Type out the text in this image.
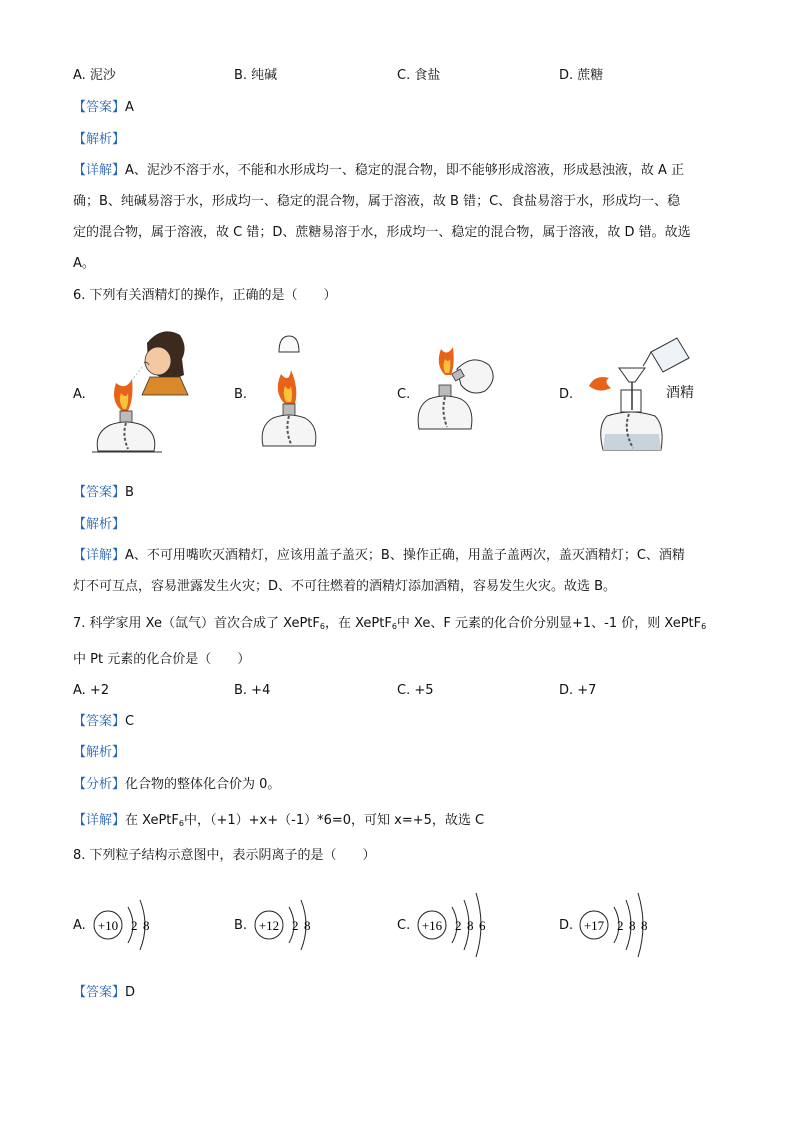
A. 泥沙	B. 纯碱	C. 食盐	D. 蔗糖
【答案】A
【解析】
【详解】A、泥沙不溶于水，不能和水形成均一、稳定的混合物，即不能够形成溶液，形成悬浊液，故 A 正
确；B、纯碱易溶于水，形成均一、稳定的混合物，属于溶液，故 B 错；C、食盐易溶于水，形成均一、稳
定的混合物，属于溶液，故 C 错；D、蔗糖易溶于水，形成均一、稳定的混合物，属于溶液，故 D 错。故选
A。
6. 下列有关酒精灯的操作，正确的是（　　）
A.	B.	C.	D.	酒精
【答案】B
【解析】
【详解】A、不可用嘴吹灭酒精灯，应该用盖子盖灭；B、操作正确，用盖子盖两次，盖灭酒精灯；C、酒精
灯不可互点，容易泄露发生火灾；D、不可往燃着的酒精灯添加酒精，容易发生火灾。故选 B。
7. 科学家用 Xe（氙气）首次合成了 XePtF$_6$，在 XePtF$_6$中 Xe、F 元素的化合价分别显+1、-1 价，则 XePtF$_6$
中 Pt 元素的化合价是（　　）
A. +2	B. +4	C. +5	D. +7
【答案】C
【解析】
【分析】化合物的整体化合价为 0。
【详解】在 XePtF$_6$中，（+1）+x+（-1）*6=0，可知 x=+5，故选 C
8. 下列粒子结构示意图中，表示阴离子的是（　　）
A.	B.	C.	D.
+10 2 8	+12 2 8	+16 2 8 6	+17 2 8 8
【答案】D
